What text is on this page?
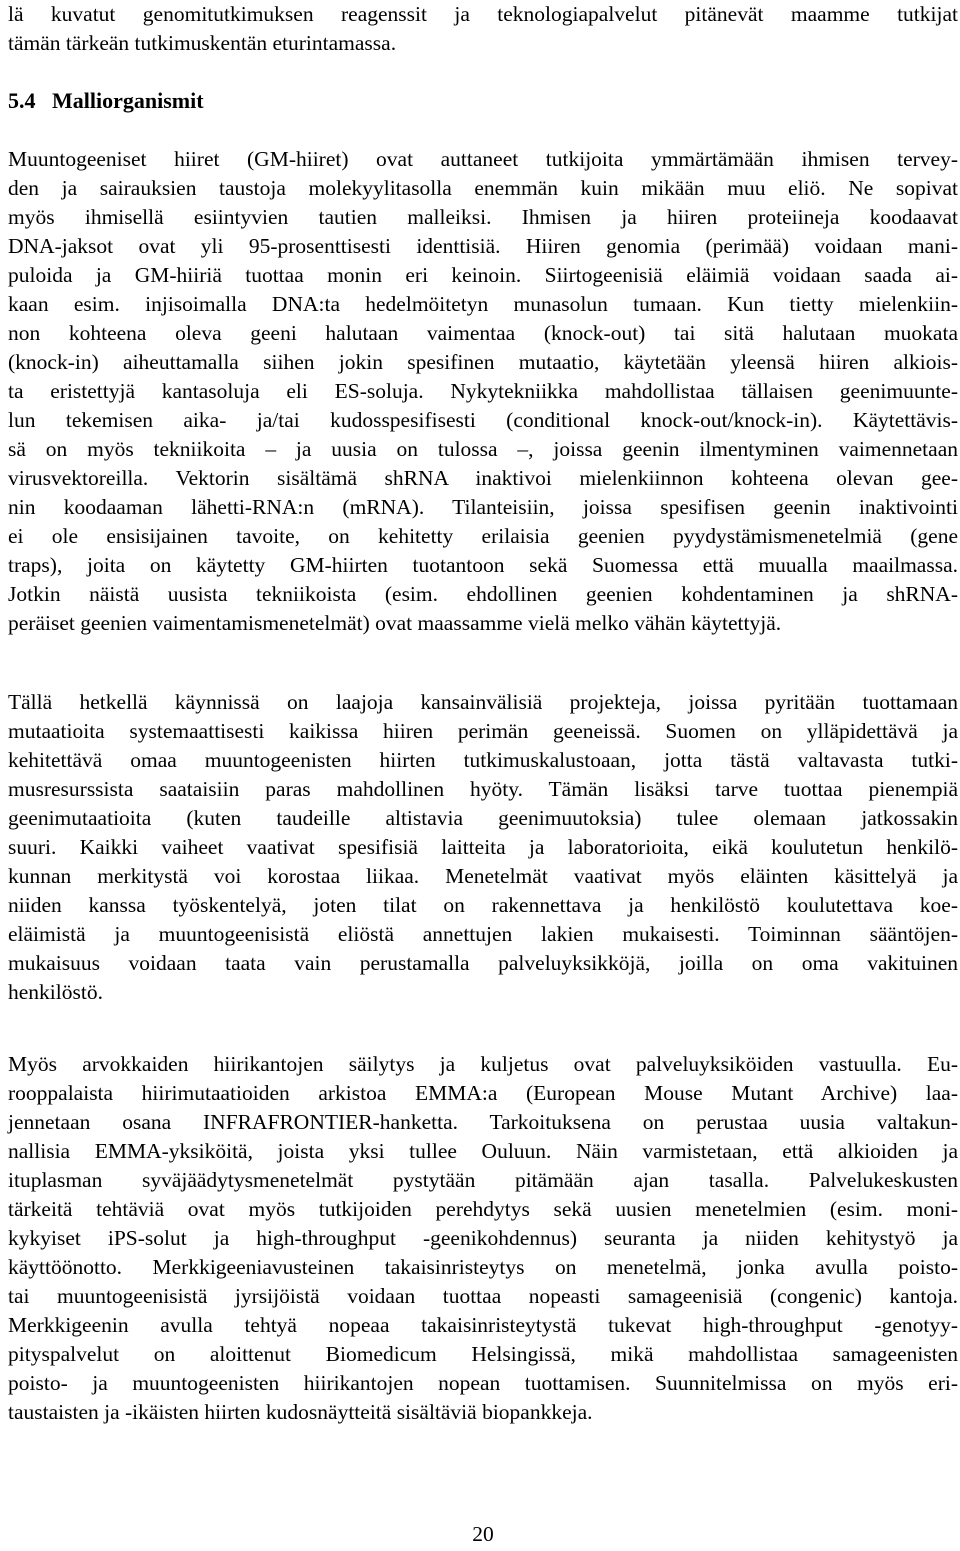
lä kuvatut genomitutkimuksen reagenssit ja teknologiapalvelut pitänevät maamme tutkijat
tämän tärkeän tutkimuskentän eturintamassa.
5.4 Malliorganismit
Muuntogeeniset hiiret (GM-hiiret) ovat auttaneet tutkijoita ymmärtämään ihmisen tervey-
den ja sairauksien taustoja molekyylitasolla enemmän kuin mikään muu eliö. Ne sopivat
myös ihmisellä esiintyvien tautien malleiksi. Ihmisen ja hiiren proteiineja koodaavat
DNA-jaksot ovat yli 95-prosenttisesti identtisiä. Hiiren genomia (perimää) voidaan mani-
puloida ja GM-hiiriä tuottaa monin eri keinoin. Siirtogeenisiä eläimiä voidaan saada ai-
kaan esim. injisoimalla DNA:ta hedelmöitetyn munasolun tumaan. Kun tietty mielenkiin-
non kohteena oleva geeni halutaan vaimentaa (knock-out) tai sitä halutaan muokata
(knock-in) aiheuttamalla siihen jokin spesifinen mutaatio, käytetään yleensä hiiren alkiois-
ta eristettyjä kantasoluja eli ES-soluja. Nykytekniikka mahdollistaa tällaisen geenimuunte-
lun tekemisen aika- ja/tai kudosspesifisesti (conditional knock-out/knock-in). Käytettävis-
sä on myös tekniikoita – ja uusia on tulossa –, joissa geenin ilmentyminen vaimennetaan
virusvektoreilla. Vektorin sisältämä shRNA inaktivoi mielenkiinnon kohteena olevan gee-
nin koodaaman lähetti-RNA:n (mRNA). Tilanteisiin, joissa spesifisen geenin inaktivointi
ei ole ensisijainen tavoite, on kehitetty erilaisia geenien pyydystämismenetelmiä (gene
traps), joita on käytetty GM-hiirten tuotantoon sekä Suomessa että muualla maailmassa.
Jotkin näistä uusista tekniikoista (esim. ehdollinen geenien kohdentaminen ja shRNA-
peräiset geenien vaimentamismenetelmät) ovat maassamme vielä melko vähän käytettyjä.
Tällä hetkellä käynnissä on laajoja kansainvälisiä projekteja, joissa pyritään tuottamaan
mutaatioita systemaattisesti kaikissa hiiren perimän geeneissä. Suomen on ylläpidettävä ja
kehitettävä omaa muuntogeenisten hiirten tutkimuskalustoaan, jotta tästä valtavasta tutki-
musresurssista saataisiin paras mahdollinen hyöty. Tämän lisäksi tarve tuottaa pienempiä
geenimutaatioita (kuten taudeille altistavia geenimuutoksia) tulee olemaan jatkossakin
suuri. Kaikki vaiheet vaativat spesifisiä laitteita ja laboratorioita, eikä koulutetun henkilö-
kunnan merkitystä voi korostaa liikaa. Menetelmät vaativat myös eläinten käsittelyä ja
niiden kanssa työskentelyä, joten tilat on rakennettava ja henkilöstö koulutettava koe-
eläimistä ja muuntogeenisistä eliöstä annettujen lakien mukaisesti. Toiminnan sääntöjen-
mukaisuus voidaan taata vain perustamalla palveluyksikköjä, joilla on oma vakituinen
henkilöstö.
Myös arvokkaiden hiirikantojen säilytys ja kuljetus ovat palveluyksiköiden vastuulla. Eu-
rooppalaista hiirimutaatioiden arkistoa EMMA:a (European Mouse Mutant Archive) laa-
jennetaan osana INFRAFRONTIER-hanketta. Tarkoituksena on perustaa uusia valtakun-
nallisia EMMA-yksiköitä, joista yksi tullee Ouluun. Näin varmistetaan, että alkioiden ja
ituplasman syväjäädytysmenetelmät pystytään pitämään ajan tasalla. Palvelukeskusten
tärkeitä tehtäviä ovat myös tutkijoiden perehdytys sekä uusien menetelmien (esim. moni-
kykyiset iPS-solut ja high-throughput -geenikohdennus) seuranta ja niiden kehitystyö ja
käyttöönotto. Merkkigeeniavusteinen takaisinristeytys on menetelmä, jonka avulla poisto-
tai muuntogeenisistä jyrsijöistä voidaan tuottaa nopeasti samageenisiä (congenic) kantoja.
Merkkigeenin avulla tehtyä nopeaa takaisinristeytystä tukevat high-throughput -genotyy-
pityspalvelut on aloittenut Biomedicum Helsingissä, mikä mahdollistaa samageenisten
poisto- ja muuntogeenisten hiirikantojen nopean tuottamisen. Suunnitelmissa on myös eri-
taustaisten ja -ikäisten hiirten kudosnäytteitä sisältäviä biopankkeja.
20
